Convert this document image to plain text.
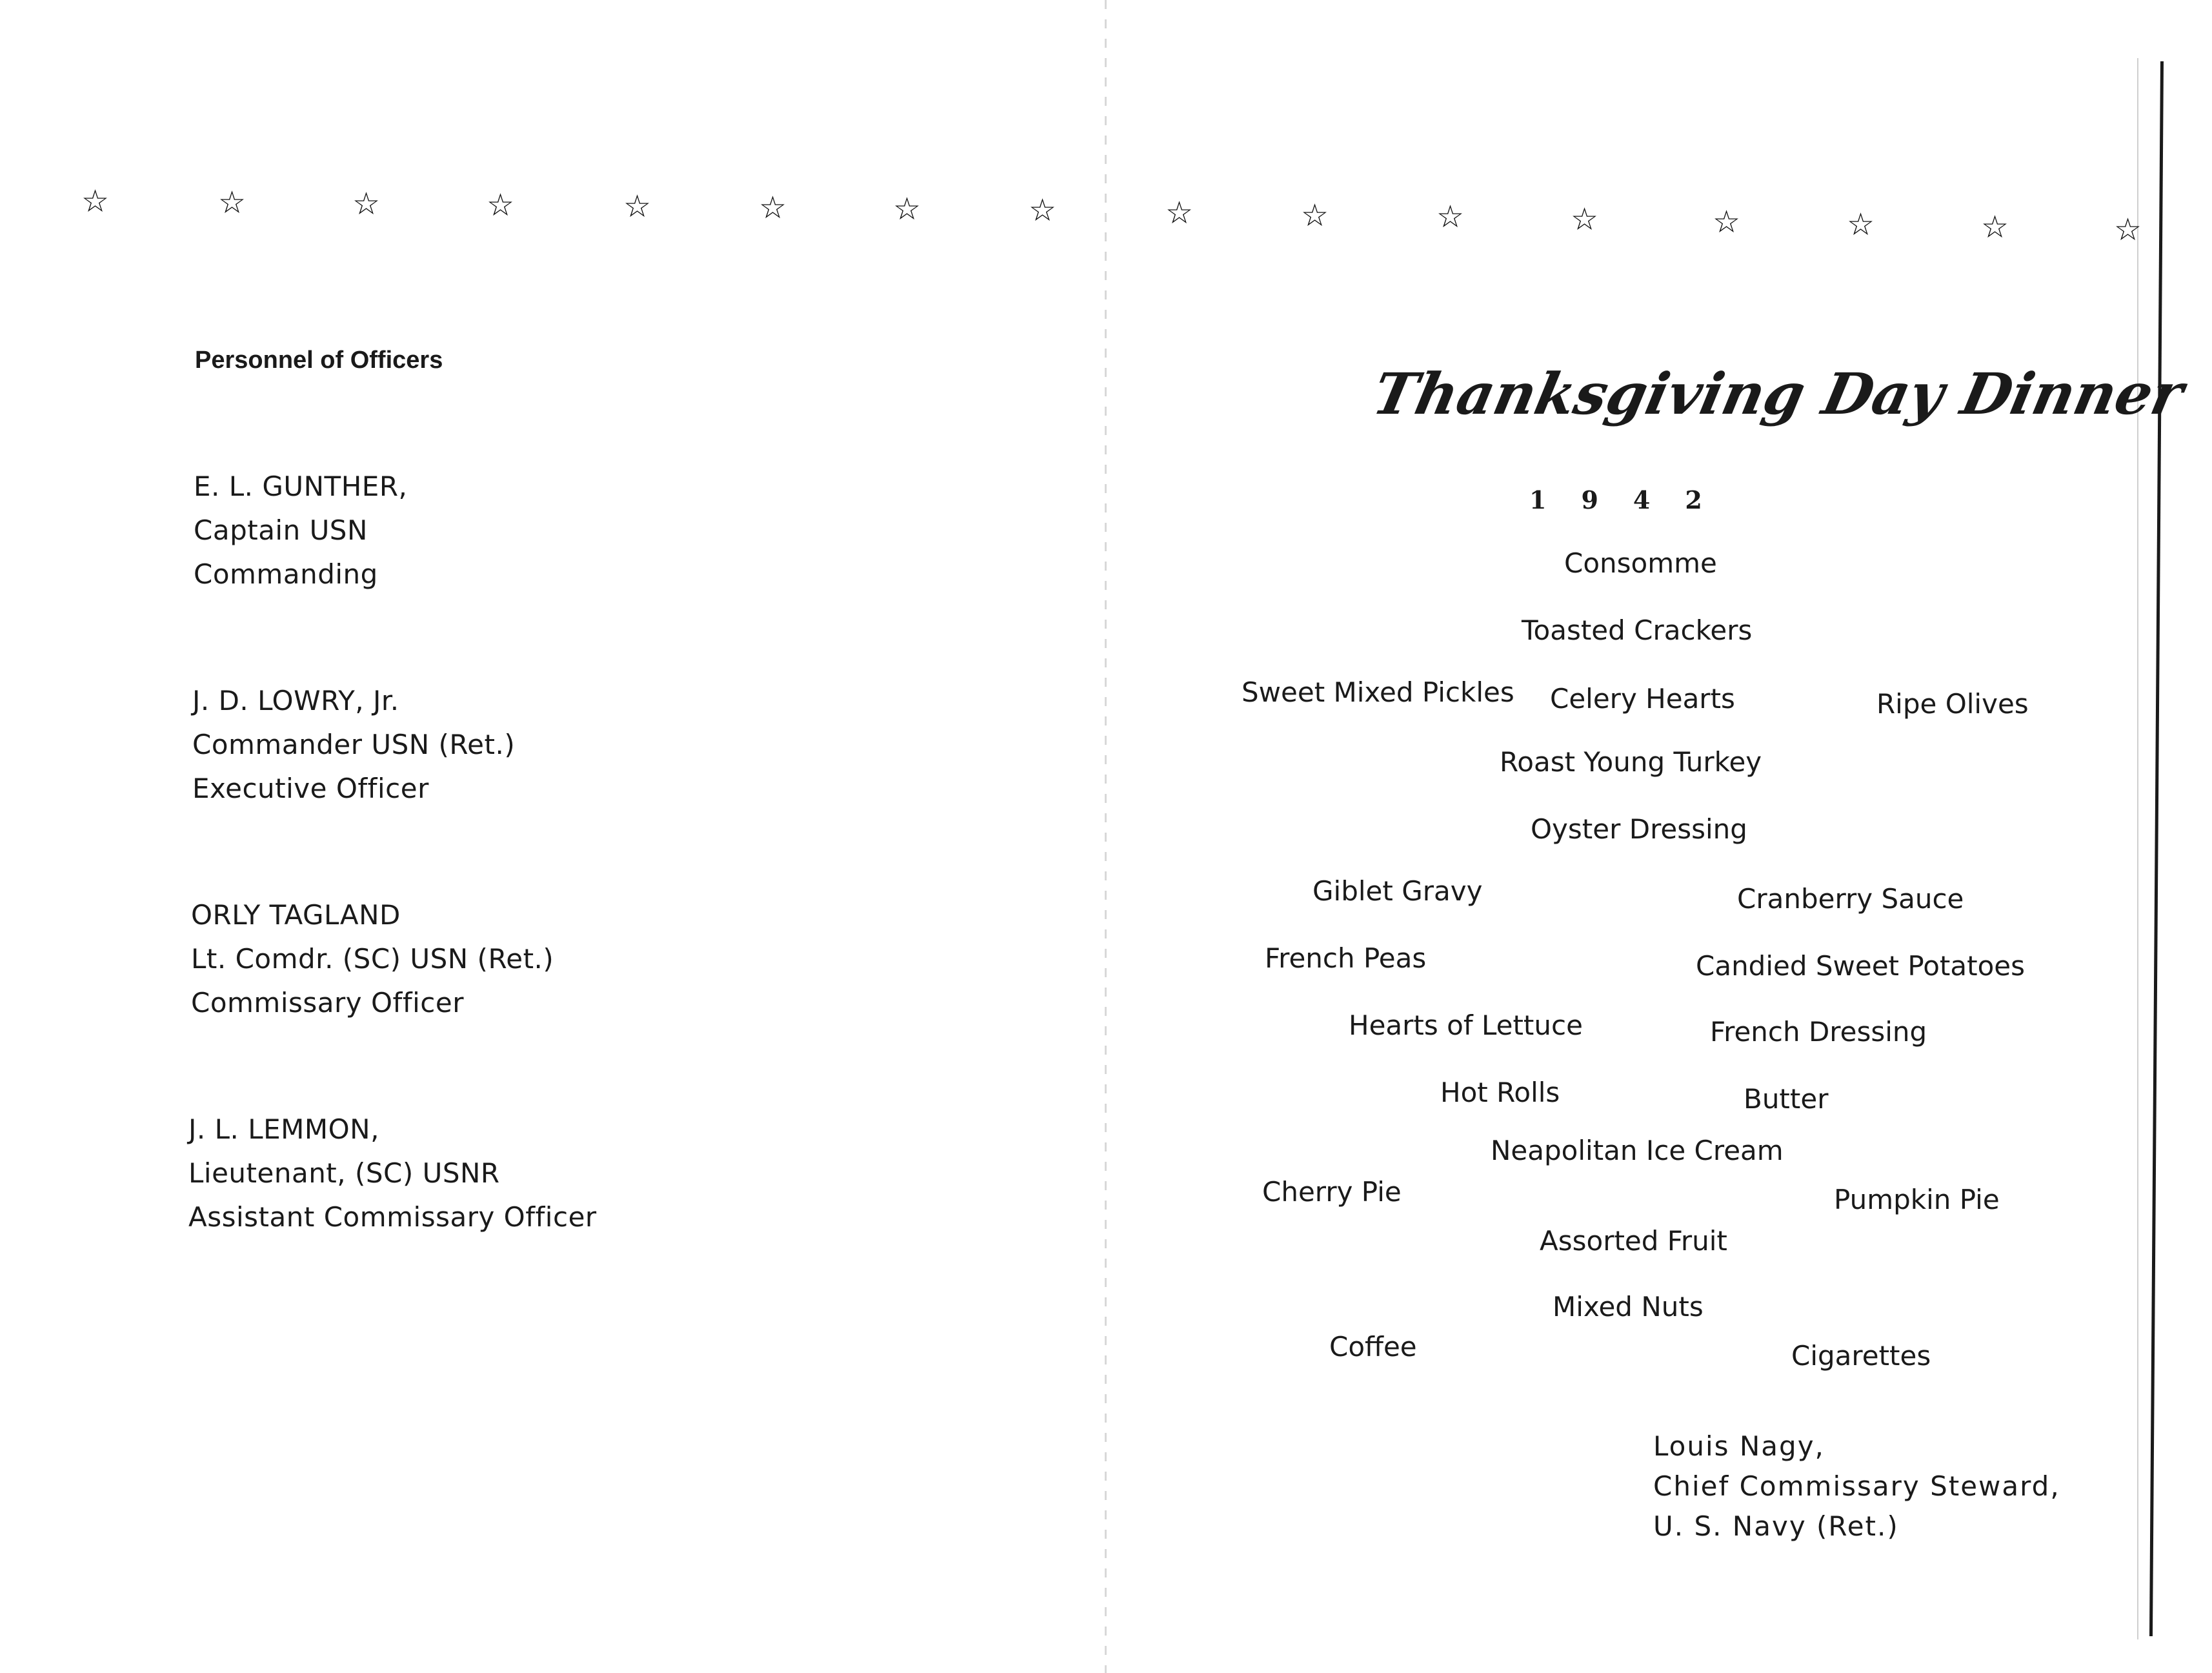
☆	☆	☆	☆	☆	☆	☆	☆	☆	☆	☆	☆	☆	☆	☆	☆
Personnel of Officers
E. L. GUNTHER,
Captain USN
Commanding
J. D. LOWRY, Jr.
Commander USN (Ret.)
Executive Officer
ORLY TAGLAND
Lt. Comdr. (SC) USN (Ret.)
Commissary Officer
J. L. LEMMON,
Lieutenant, (SC) USNR
Assistant Commissary Officer
Thanksgiving Day Dinner
1942
Consomme
Toasted Crackers
Sweet Mixed Pickles Celery Hearts	Ripe Olives
Roast Young Turkey
Oyster Dressing
Giblet Gravy	Cranberry Sauce
French Peas	Candied Sweet Potatoes
Hearts of Lettuce	French Dressing
Hot Rolls	Butter
Neapolitan Ice Cream
Cherry Pie	Pumpkin Pie
Assorted Fruit
Mixed Nuts
Coffee	Cigarettes
Louis Nagy,
Chief Commissary Steward,
U. S. Navy (Ret.)
